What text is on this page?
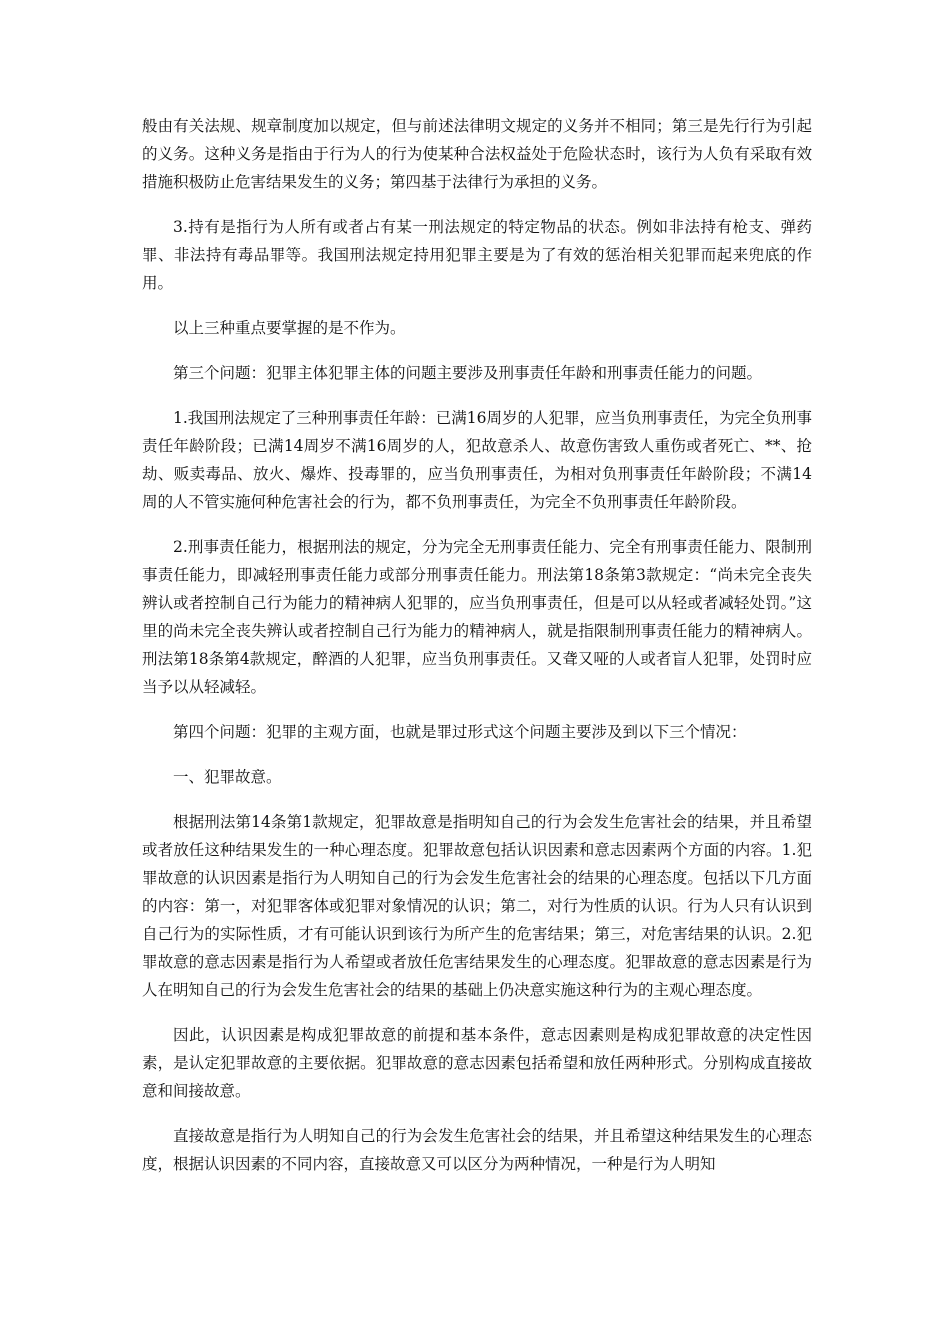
般由有关法规、规章制度加以规定，但与前述法律明文规定的义务并不相同；第三是先行行为引起的义务。这种义务是指由于行为人的行为使某种合法权益处于危险状态时，该行为人负有采取有效措施积极防止危害结果发生的义务；第四基于法律行为承担的义务。

3.持有是指行为人所有或者占有某一刑法规定的特定物品的状态。例如非法持有枪支、弹药罪、非法持有毒品罪等。我国刑法规定持用犯罪主要是为了有效的惩治相关犯罪而起来兜底的作用。

以上三种重点要掌握的是不作为。

第三个问题：犯罪主体犯罪主体的问题主要涉及刑事责任年龄和刑事责任能力的问题。

1.我国刑法规定了三种刑事责任年龄：已满16周岁的人犯罪，应当负刑事责任，为完全负刑事责任年龄阶段；已满14周岁不满16周岁的人，犯故意杀人、故意伤害致人重伤或者死亡、**、抢劫、贩卖毒品、放火、爆炸、投毒罪的，应当负刑事责任，为相对负刑事责任年龄阶段；不满14周的人不管实施何种危害社会的行为，都不负刑事责任，为完全不负刑事责任年龄阶段。

2.刑事责任能力，根据刑法的规定，分为完全无刑事责任能力、完全有刑事责任能力、限制刑事责任能力，即减轻刑事责任能力或部分刑事责任能力。刑法第18条第3款规定：“尚未完全丧失辨认或者控制自己行为能力的精神病人犯罪的，应当负刑事责任，但是可以从轻或者减轻处罚。”这里的尚未完全丧失辨认或者控制自己行为能力的精神病人，就是指限制刑事责任能力的精神病人。刑法第18条第4款规定，醉酒的人犯罪，应当负刑事责任。又聋又哑的人或者盲人犯罪，处罚时应当予以从轻减轻。

第四个问题：犯罪的主观方面，也就是罪过形式这个问题主要涉及到以下三个情况：

一、犯罪故意。

根据刑法第14条第1款规定，犯罪故意是指明知自己的行为会发生危害社会的结果，并且希望或者放任这种结果发生的一种心理态度。犯罪故意包括认识因素和意志因素两个方面的内容。1.犯罪故意的认识因素是指行为人明知自己的行为会发生危害社会的结果的心理态度。包括以下几方面的内容：第一，对犯罪客体或犯罪对象情况的认识；第二，对行为性质的认识。行为人只有认识到自己行为的实际性质，才有可能认识到该行为所产生的危害结果；第三，对危害结果的认识。2.犯罪故意的意志因素是指行为人希望或者放任危害结果发生的心理态度。犯罪故意的意志因素是行为人在明知自己的行为会发生危害社会的结果的基础上仍决意实施这种行为的主观心理态度。

因此，认识因素是构成犯罪故意的前提和基本条件，意志因素则是构成犯罪故意的决定性因素，是认定犯罪故意的主要依据。犯罪故意的意志因素包括希望和放任两种形式。分别构成直接故意和间接故意。

直接故意是指行为人明知自己的行为会发生危害社会的结果，并且希望这种结果发生的心理态度，根据认识因素的不同内容，直接故意又可以区分为两种情况，一种是行为人明知
